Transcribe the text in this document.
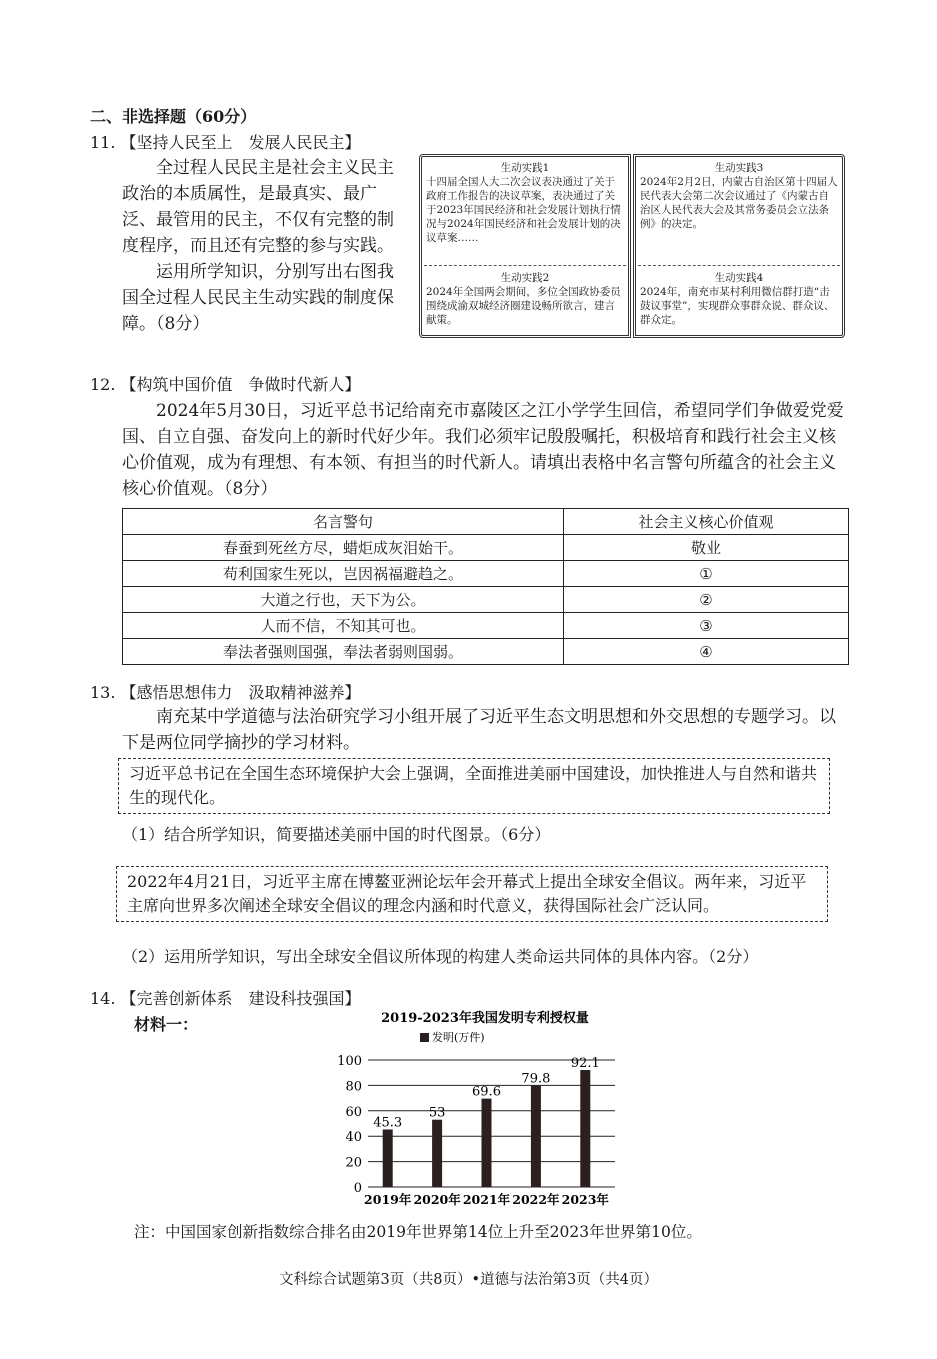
二、非选择题（60分）
11. 【坚持人民至上　发展人民民主】

全过程人民民主是社会主义民主政治的本质属性，是最真实、最广泛、最管用的民主，不仅有完整的制度程序，而且还有完整的参与实践。

运用所学知识，分别写出右图我国全过程人民民主生动实践的制度保障。（8分）

生动实践1
十四届全国人大二次会议表决通过了关于政府工作报告的决议草案，表决通过了关于2023年国民经济和社会发展计划执行情况与2024年国民经济和社会发展计划的决议草案……
生动实践2
2024年全国两会期间，多位全国政协委员围绕成渝双城经济圈建设畅所欲言，建言献策。
生动实践3
2024年2月2日，内蒙古自治区第十四届人民代表大会第二次会议通过了《内蒙古自治区人民代表大会及其常务委员会立法条例》的决定。
生动实践4
2024年，南充市某村利用微信群打造“击鼓议事堂”，实现群众事群众说、群众议、群众定。
12. 【构筑中国价值　争做时代新人】

2024年5月30日，习近平总书记给南充市嘉陵区之江小学学生回信，希望同学们争做爱党爱国、自立自强、奋发向上的新时代好少年。我们必须牢记殷殷嘱托，积极培育和践行社会主义核心价值观，成为有理想、有本领、有担当的时代新人。请填出表格中名言警句所蕴含的社会主义核心价值观。（8分）

名言警句	社会主义核心价值观
春蚕到死丝方尽，蜡炬成灰泪始干。	敬业
苟利国家生死以，岂因祸福避趋之。	①
大道之行也，天下为公。	②
人而不信，不知其可也。	③
奉法者强则国强，奉法者弱则国弱。	④
13. 【感悟思想伟力　汲取精神滋养】

南充某中学道德与法治研究学习小组开展了习近平生态文明思想和外交思想的专题学习。以下是两位同学摘抄的学习材料。

习近平总书记在全国生态环境保护大会上强调，全面推进美丽中国建设，加快推进人与自然和谐共生的现代化。
（1）结合所学知识，简要描述美丽中国的时代图景。（6分）
2022年4月21日，习近平主席在博鳌亚洲论坛年会开幕式上提出全球安全倡议。两年来，习近平主席向世界多次阐述全球安全倡议的理念内涵和时代意义，获得国际社会广泛认同。
（2）运用所学知识，写出全球安全倡议所体现的构建人类命运共同体的具体内容。（2分）
14. 【完善创新体系　建设科技强国】
材料一：	2019-2023年我国发明专利授权量
发明(万件)
0
20
40
60
80
100
45.3
2019年
53
2020年
69.6
2021年
79.8
2022年
92.1
2023年
注：中国国家创新指数综合排名由2019年世界第14位上升至2023年世界第10位。
文科综合试题第3页（共8页）•道德与法治第3页（共4页）
